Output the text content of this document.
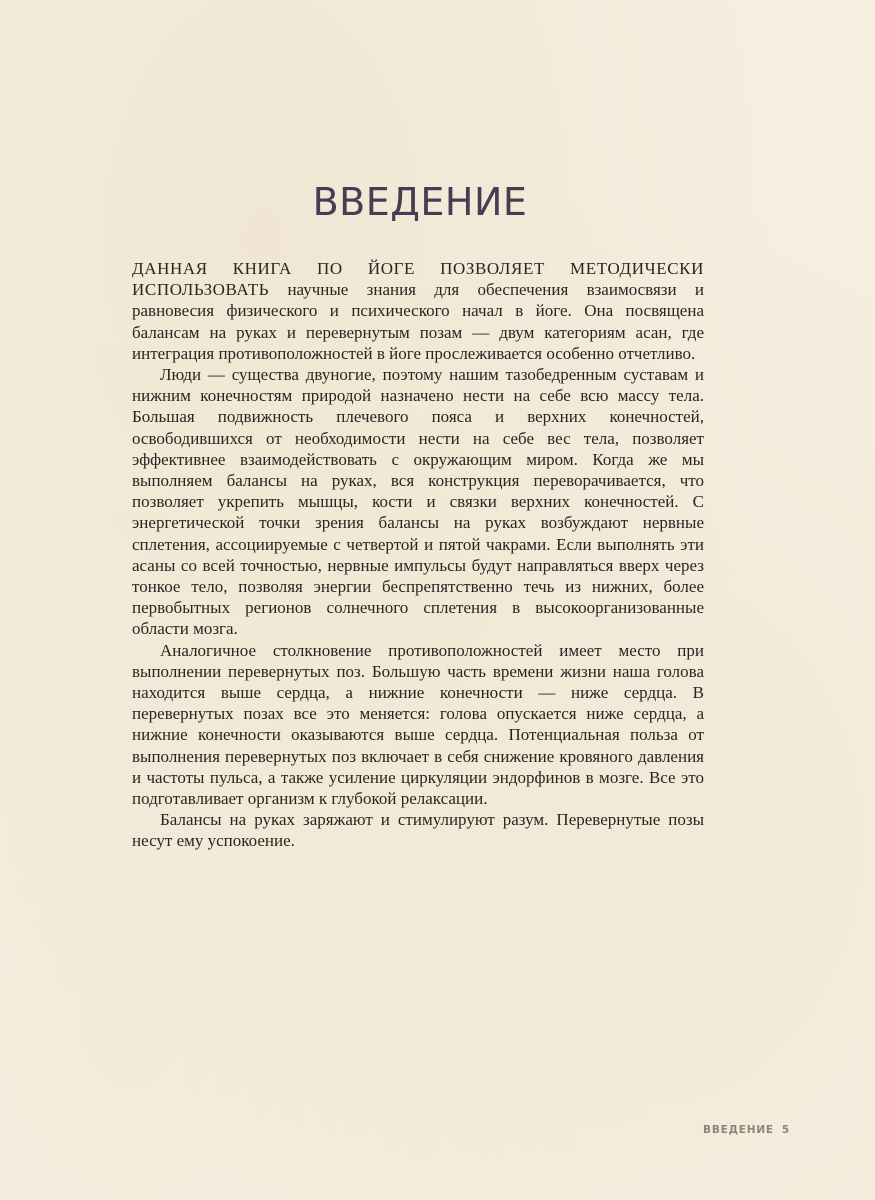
ВВЕДЕНИЕ

ДАННАЯ КНИГА ПО ЙОГЕ ПОЗВОЛЯЕТ МЕТОДИЧЕСКИ ИСПОЛЬЗОВАТЬ научные знания для обеспечения взаимосвязи и равновесия физического и психического начал в йоге. Она посвящена балансам на руках и перевернутым позам — двум категориям асан, где интеграция противоположностей в йоге прослеживается особенно отчетливо.

Люди — существа двуногие, поэтому нашим тазобедренным суставам и нижним конечностям природой назначено нести на себе всю массу тела. Большая подвижность плечевого пояса и верхних конечностей, освободившихся от необходимости нести на себе вес тела, позволяет эффективнее взаимодействовать с окружающим миром. Когда же мы выполняем балансы на руках, вся конструкция переворачивается, что позволяет укрепить мышцы, кости и связки верхних конечностей. С энергетической точки зрения балансы на руках возбуждают нервные сплетения, ассоциируемые с четвертой и пятой чакрами. Если выполнять эти асаны со всей точностью, нервные импульсы будут направляться вверх через тонкое тело, позволяя энергии беспрепятственно течь из нижних, более первобытных регионов солнечного сплетения в высокоорганизованные области мозга.

Аналогичное столкновение противоположностей имеет место при выполнении перевернутых поз. Большую часть времени жизни наша голова находится выше сердца, а нижние конечности — ниже сердца. В перевернутых позах все это меняется: голова опускается ниже сердца, а нижние конечности оказываются выше сердца. Потенциальная польза от выполнения перевернутых поз включает в себя снижение кровяного давления и частоты пульса, а также усиление циркуляции эндорфинов в мозге. Все это подготавливает организм к глубокой релаксации.

Балансы на руках заряжают и стимулируют разум. Перевернутые позы несут ему успокоение.

ВВЕДЕНИЕ 5
